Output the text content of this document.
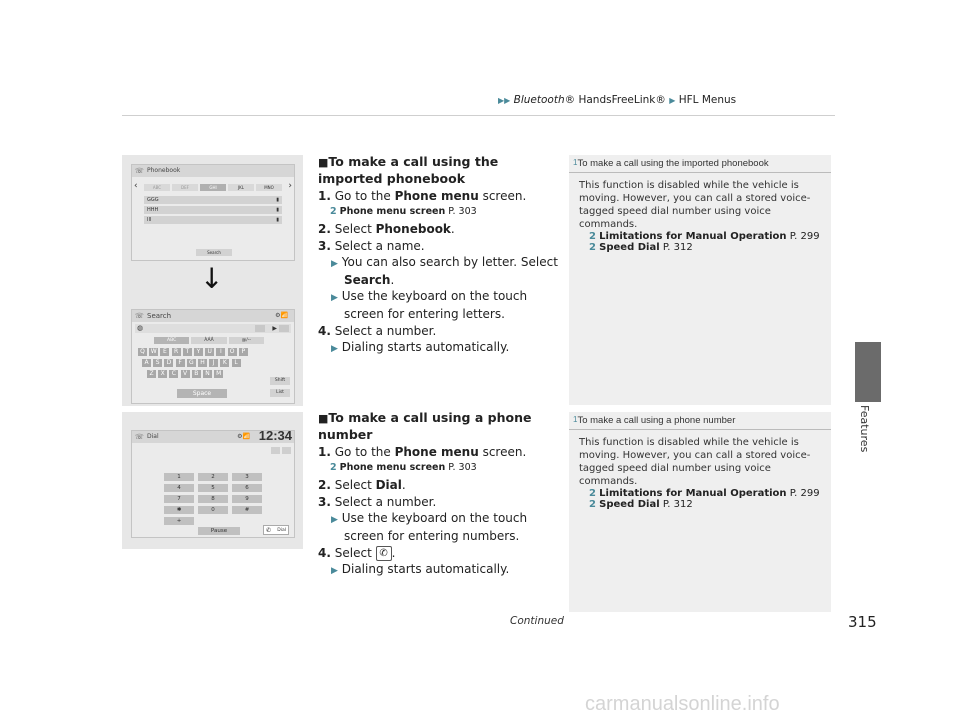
▶▶ Bluetooth® HandsFreeLink® ▶ HFL Menus
Features
☏ Phonebook
‹	›
ABC	DEF	GHI	JKL	MNO
GGG	▮
HHH	▮
III	▮
Search
↓
☏ Search	⚙📶
◍	▶
ABC	ÀÁÂ	@/--
Q W	E	R	T	Y	U	I	O	P
A	S	D	F	G	H	J	K	L
Z	X	C	V	B	N	M
Space
Shift
List
☏ Dial	⚙📶 12:34
1	2	3
4	5	6
7	8	9
✱	0	#
+
Pause	✆ Dial
■To make a call using the imported phonebook
1. Go to the Phone menu screen.
2 Phone menu screen P. 303
2. Select Phonebook.
3. Select a name.
▶ You can also search by letter. Select Search.
▶ Use the keyboard on the touch screen for entering letters.
4. Select a number.
▶ Dialing starts automatically.
■To make a call using a phone number
1. Go to the Phone menu screen.
2 Phone menu screen P. 303
2. Select Dial.
3. Select a number.
▶ Use the keyboard on the touch screen for entering numbers.
4. Select ✆ .
▶ Dialing starts automatically.
$^1$To make a call using the imported phonebook
This function is disabled while the vehicle is moving. However, you can call a stored voice-tagged speed dial number using voice commands.
2 Limitations for Manual Operation P. 299
2 Speed Dial P. 312
$^1$To make a call using a phone number
This function is disabled while the vehicle is moving. However, you can call a stored voice-tagged speed dial number using voice commands.
2 Limitations for Manual Operation P. 299
2 Speed Dial P. 312
Continued	315
carmanualsonline.info
